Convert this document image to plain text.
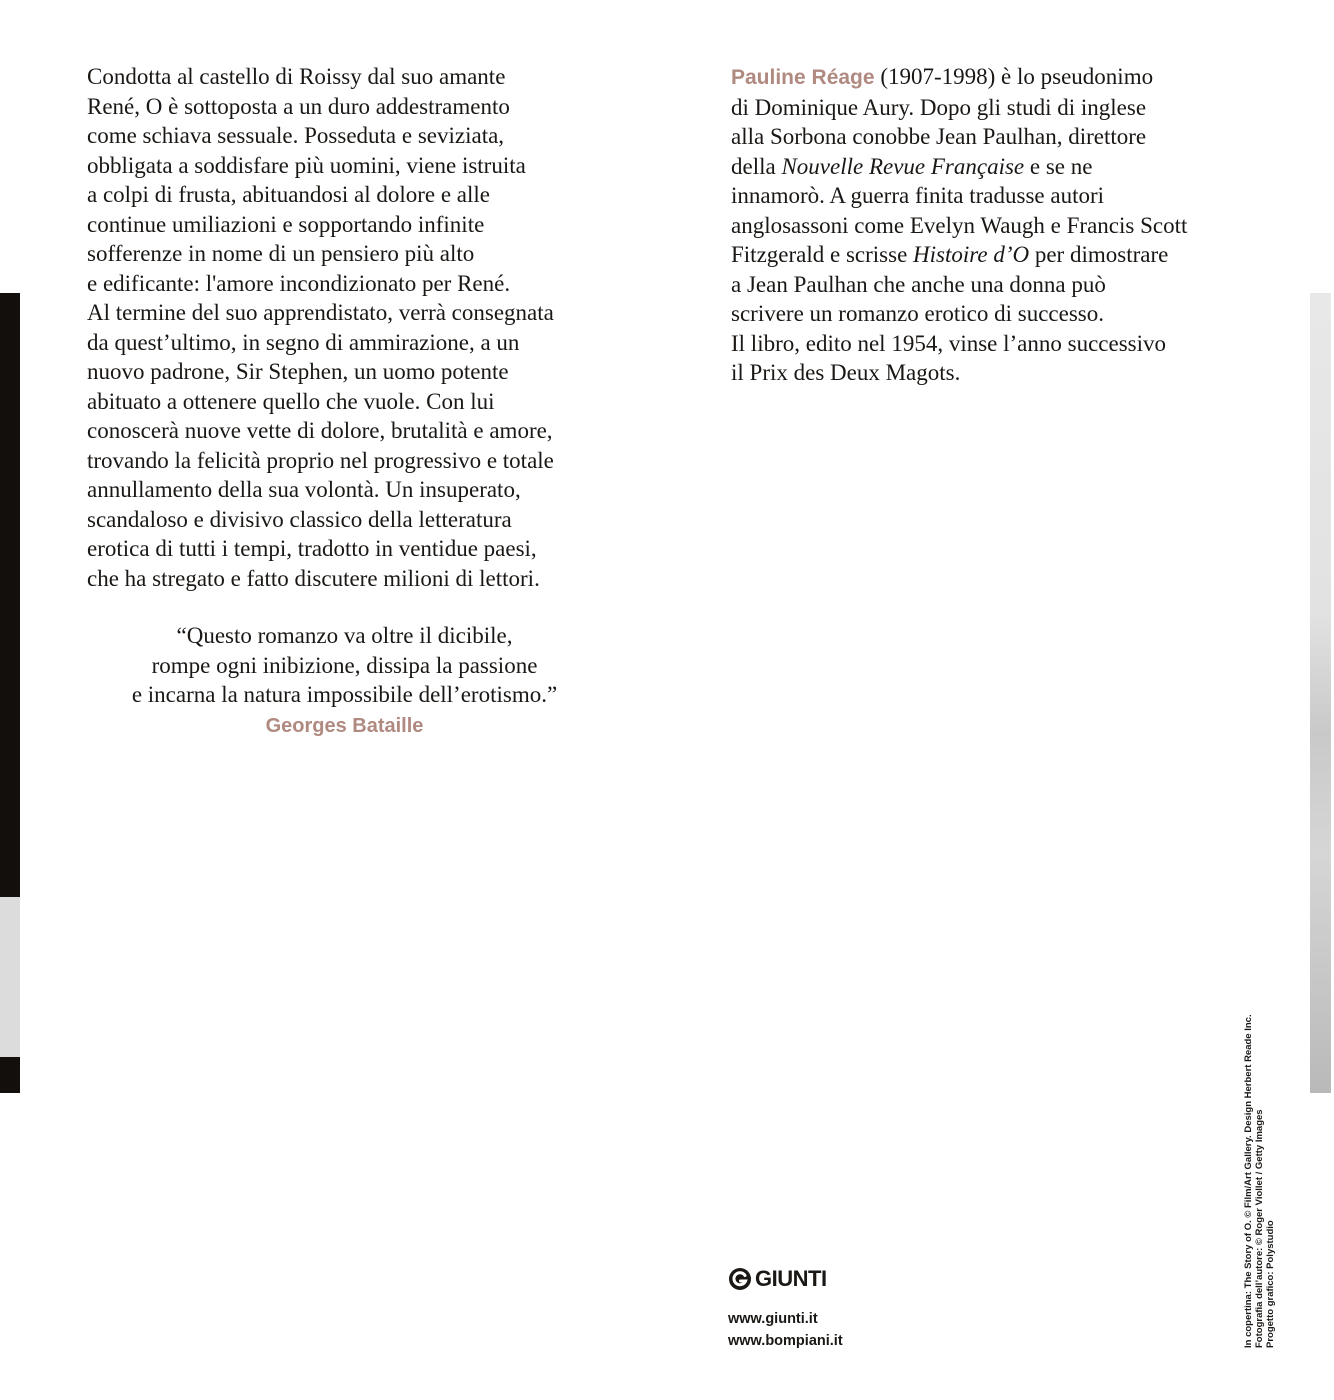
Condotta al castello di Roissy dal suo amante
René, O è sottoposta a un duro addestramento
come schiava sessuale. Posseduta e seviziata,
obbligata a soddisfare più uomini, viene istruita
a colpi di frusta, abituandosi al dolore e alle
continue umiliazioni e sopportando infinite
sofferenze in nome di un pensiero più alto
e edificante: l'amore incondizionato per René.
Al termine del suo apprendistato, verrà consegnata
da quest’ultimo, in segno di ammirazione, a un
nuovo padrone, Sir Stephen, un uomo potente
abituato a ottenere quello che vuole. Con lui
conoscerà nuove vette di dolore, brutalità e amore,
trovando la felicità proprio nel progressivo e totale
annullamento della sua volontà. Un insuperato,
scandaloso e divisivo classico della letteratura
erotica di tutti i tempi, tradotto in ventidue paesi,
che ha stregato e fatto discutere milioni di lettori.
“Questo romanzo va oltre il dicibile,
rompe ogni inibizione, dissipa la passione
e incarna la natura impossibile dell’erotismo.”
Georges Bataille
Pauline Réage (1907-1998) è lo pseudonimo
di Dominique Aury. Dopo gli studi di inglese
alla Sorbona conobbe Jean Paulhan, direttore
della Nouvelle Revue Française e se ne
innamorò. A guerra finita tradusse autori
anglosassoni come Evelyn Waugh e Francis Scott
Fitzgerald e scrisse Histoire d’O per dimostrare
a Jean Paulhan che anche una donna può
scrivere un romanzo erotico di successo.
Il libro, edito nel 1954, vinse l’anno successivo
il Prix des Deux Magots.
GIUNTI
www.giunti.it
www.bompiani.it	In copertina: The Story of O. © Film/Art Gallery. Design Herbert Reade Inc. Fotografia dell’autore: © Roger Viollet / Getty Images Progetto grafico: Polystudio
